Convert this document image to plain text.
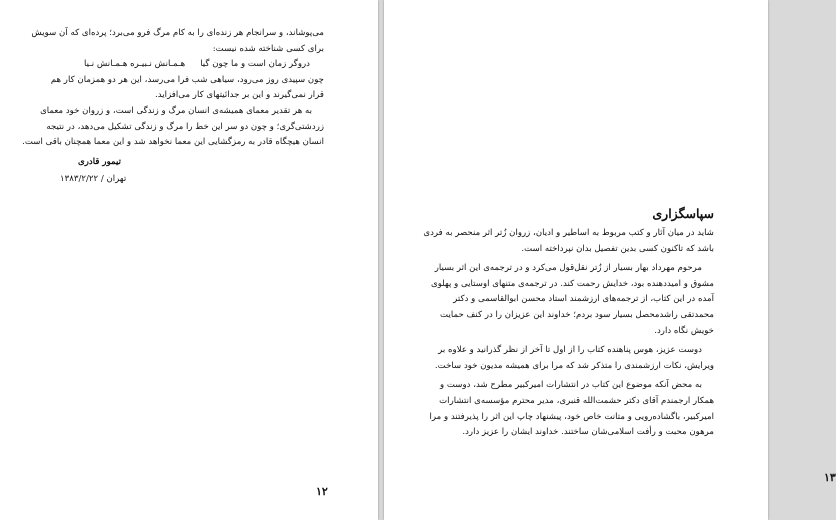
می‌پوشاند، و سرانجام هر زنده‌ای را به کام مرگ فرو می‌برد؛ پرده‌ای که آن سویش
برای کسی شناخته شده نیست:
دروگر زمان است و ما چون گیا
هـمـانش نـبیـره هـمـانش نـیا
چون سپیدی روز می‌رود، سیاهی شب فرا می‌رسد، این هر دو همزمان کار هم
قرار نمی‌گیرند و این بر جدائیتهای کار می‌افزاید.
به هر تقدیر معمای همیشه‌ی انسان مرگ و زندگی است، و زروان خود معمای
زردشتی‌گری؛ و چون دو سر این خط را مرگ و زندگی تشکیل می‌دهد، در نتیجه
انسان هیچگاه قادر به رمزگشایی این معما نخواهد شد و این معما همچنان باقی است.
تیمور قادری
تهران / ۱۳۸۳/۲/۲۲
۱۲
سپاسگزاری
شاید در میان آثار و کتب مربوط به اساطیر و ادیان، زروان زُتر اثر منحصر به فردی
باشد که تاکنون کسی بدین تفصیل بدان نپرداخته است.
مرحوم مهرداد بهار بسیار از زُتر نقل‌قول می‌کرد و در ترجمه‌ی این اثر بسیار
مشوق و امیددهنده بود، خدایش رحمت کند. در ترجمه‌ی متنهای اوستایی و پهلوی
آمده در این کتاب، از ترجمه‌های ارزشمند استاد محسن ابوالقاسمی و دکتر
محمدتقی راشدمحصل بسیار سود بردم؛ خداوند این عزیزان را در کنف حمایت
خویش نگاه دارد.
دوست عزیز، هوس پناهنده کتاب را از اول تا آخر از نظر گذرانید و علاوه بر
ویرایش، نکات ارزشمندی را متذکر شد که مرا برای همیشه مدیون خود ساخت.
به محض آنکه موضوع این کتاب در انتشارات امیرکبیر مطرح شد، دوست و
همکار ارجمندم آقای دکتر حشمت‌الله قنبری، مدیر محترم مؤسسه‌ی انتشارات
امیرکبیر، باگشاده‌رویی و متانت خاص خود، پیشنهاد چاپ این اثر را پذیرفتند و مرا
مرهون محبت و رأفت اسلامی‌شان ساختند. خداوند ایشان را عزیز دارد.
۱۳
